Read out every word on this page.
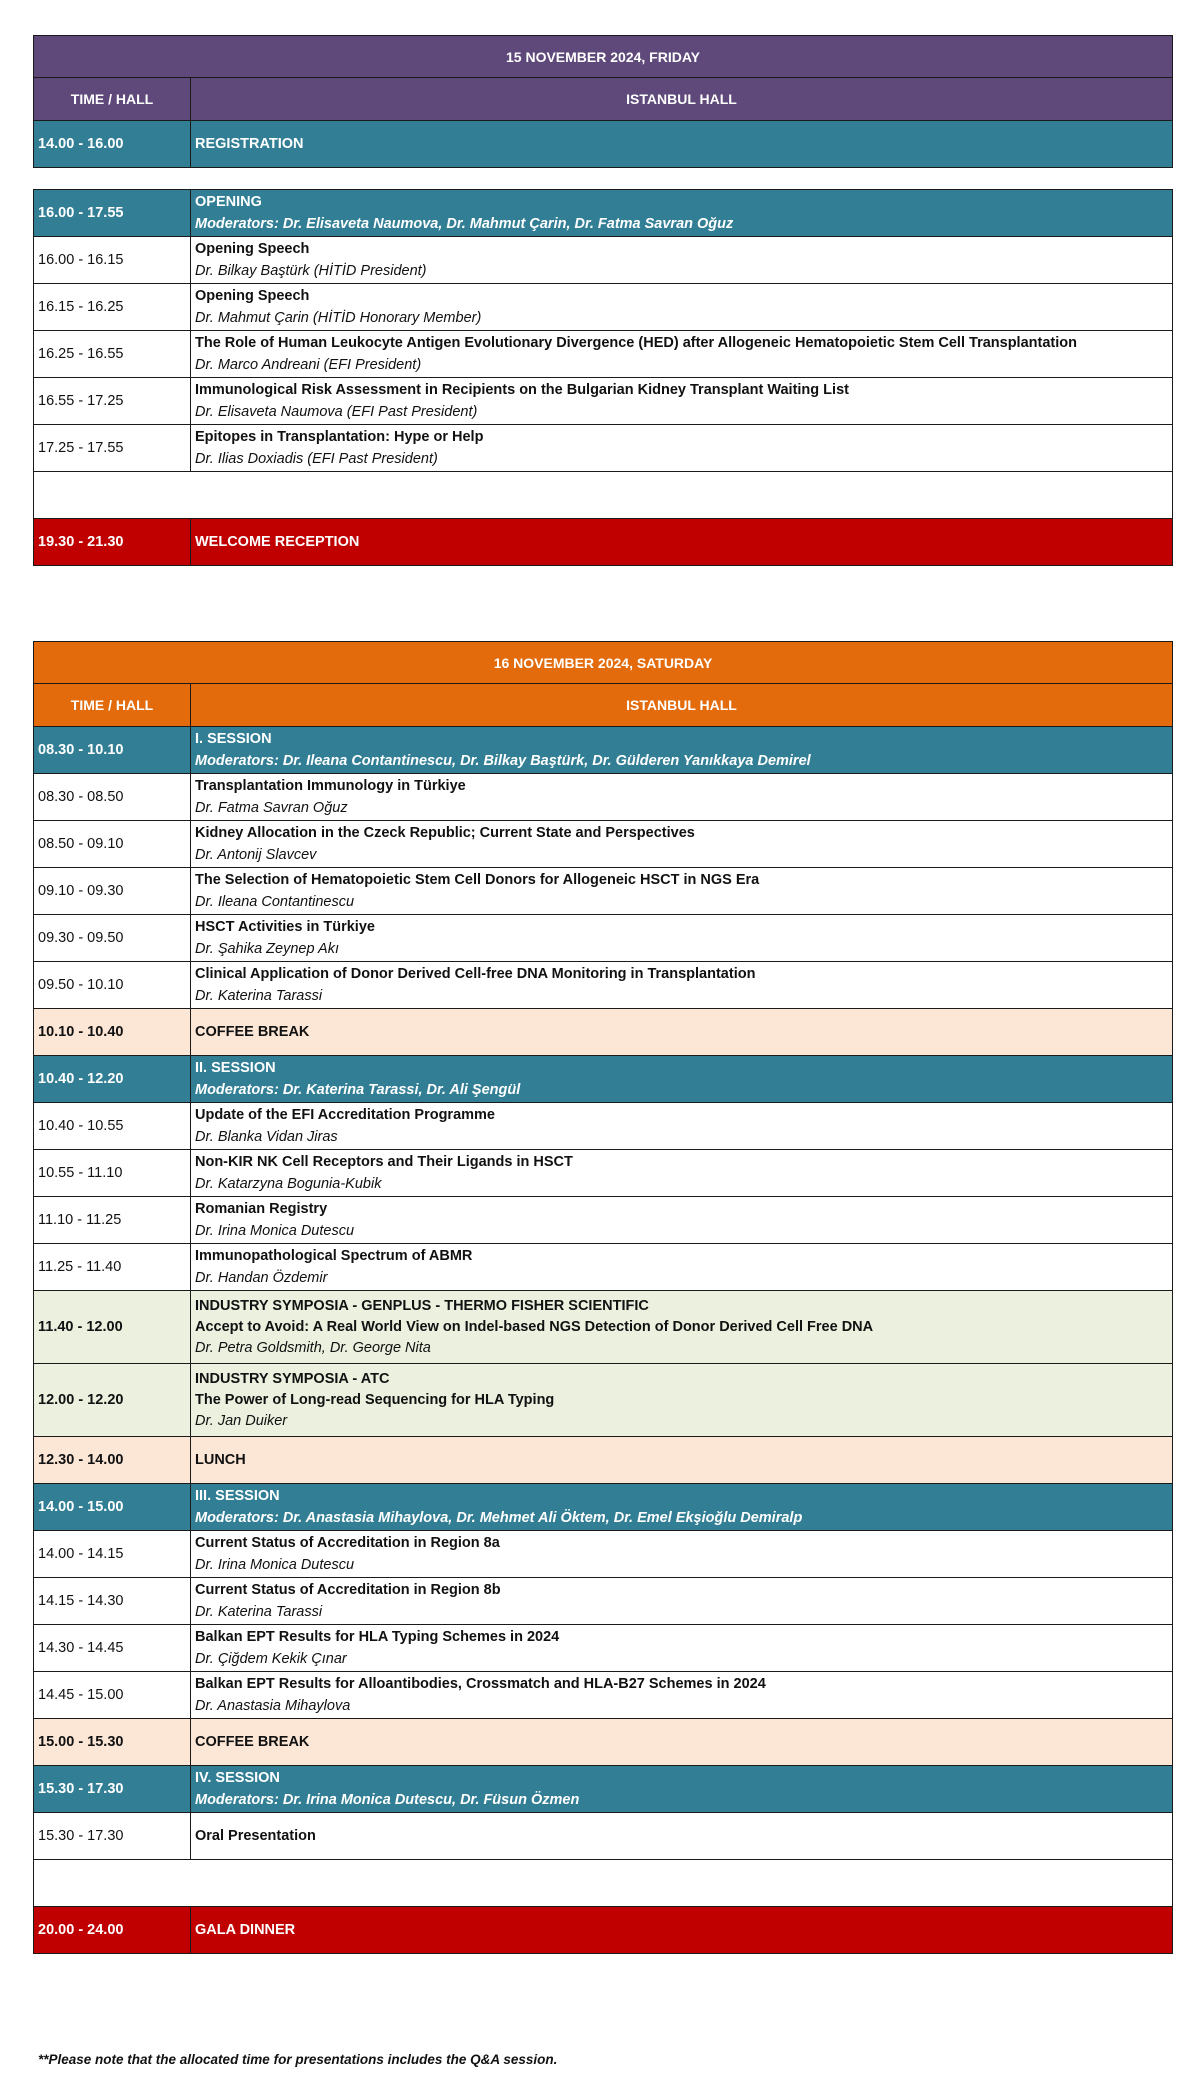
15 NOVEMBER 2024, FRIDAY	
TIME / HALL	ISTANBUL HALL
14.00 - 16.00	REGISTRATION

16.00 - 17.55	OPENING
Moderators: Dr. Elisaveta Naumova, Dr. Mahmut Çarin, Dr. Fatma Savran Oğuz

16.00 - 16.15	Opening Speech
Dr. Bilkay Baştürk (HİTİD President)

16.15 - 16.25	Opening Speech
Dr. Mahmut Çarin (HİTİD Honorary Member)

16.25 - 16.55	The Role of Human Leukocyte Antigen Evolutionary Divergence (HED) after Allogeneic Hematopoietic Stem Cell Transplantation
Dr. Marco Andreani (EFI President)

16.55 - 17.25	Immunological Risk Assessment in Recipients on the Bulgarian Kidney Transplant Waiting List
Dr. Elisaveta Naumova (EFI Past President)

17.25 - 17.55	Epitopes in Transplantation: Hype or Help
Dr. Ilias Doxiadis (EFI Past President)

19.30 - 21.30	WELCOME RECEPTION
16 NOVEMBER 2024, SATURDAY	
TIME / HALL	ISTANBUL HALL
08.30 - 10.10	I. SESSION
Moderators: Dr. Ileana Contantinescu, Dr. Bilkay Baştürk, Dr. Gülderen Yanıkkaya Demirel

08.30 - 08.50	Transplantation Immunology in Türkiye
Dr. Fatma Savran Oğuz

08.50 - 09.10	Kidney Allocation in the Czeck Republic; Current State and Perspectives
Dr. Antonij Slavcev

09.10 - 09.30	The Selection of Hematopoietic Stem Cell Donors for Allogeneic HSCT in NGS Era
Dr. Ileana Contantinescu

09.30 - 09.50	HSCT Activities in Türkiye
Dr. Şahika Zeynep Akı

09.50 - 10.10	Clinical Application of Donor Derived Cell-free DNA Monitoring in Transplantation
Dr. Katerina Tarassi

10.10 - 10.40	COFFEE BREAK

10.40 - 12.20	II. SESSION
Moderators: Dr. Katerina Tarassi, Dr. Ali Şengül

10.40 - 10.55	Update of the EFI Accreditation Programme
Dr. Blanka Vidan Jiras

10.55 - 11.10	Non-KIR NK Cell Receptors and Their Ligands in HSCT
Dr. Katarzyna Bogunia-Kubik

11.10 - 11.25	Romanian Registry
Dr. Irina Monica Dutescu

11.25 - 11.40	Immunopathological Spectrum of ABMR
Dr. Handan Özdemir

11.40 - 12.00	INDUSTRY SYMPOSIA - GENPLUS - THERMO FISHER SCIENTIFIC
Accept to Avoid: A Real World View on Indel-based NGS Detection of Donor Derived Cell Free DNA
Dr. Petra Goldsmith, Dr. George Nita

12.00 - 12.20	INDUSTRY SYMPOSIA - ATC
The Power of Long-read Sequencing for HLA Typing
Dr. Jan Duiker

12.30 - 14.00	LUNCH

14.00 - 15.00	III. SESSION
Moderators: Dr. Anastasia Mihaylova, Dr. Mehmet Ali Öktem, Dr. Emel Ekşioğlu Demiralp

14.00 - 14.15	Current Status of Accreditation in Region 8a
Dr. Irina Monica Dutescu

14.15 - 14.30	Current Status of Accreditation in Region 8b
Dr. Katerina Tarassi

14.30 - 14.45	Balkan EPT Results for HLA Typing Schemes in 2024
Dr. Çiğdem Kekik Çınar

14.45 - 15.00	Balkan EPT Results for Alloantibodies, Crossmatch and HLA-B27 Schemes in 2024
Dr. Anastasia Mihaylova

15.00 - 15.30	COFFEE BREAK

15.30 - 17.30	IV. SESSION
Moderators: Dr. Irina Monica Dutescu, Dr. Füsun Özmen

15.30 - 17.30	Oral Presentation

20.00 - 24.00	GALA DINNER
**Please note that the allocated time for presentations includes the Q&A session.
